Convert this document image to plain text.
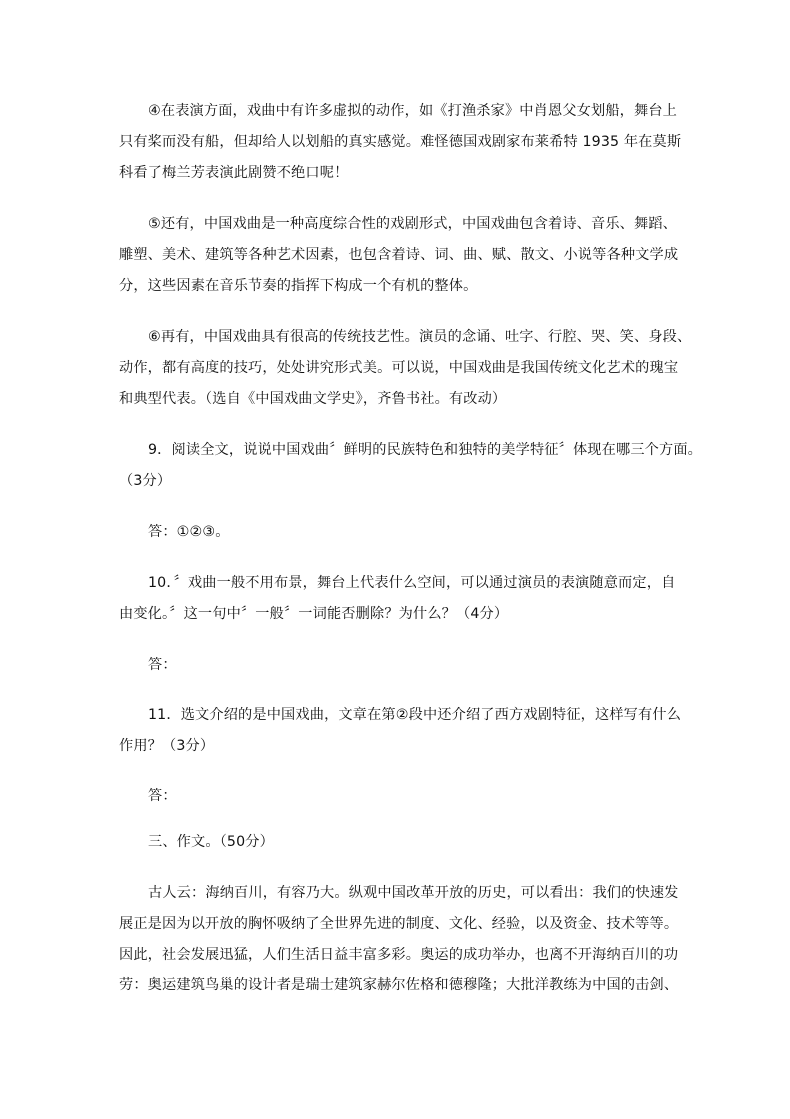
④在表演方面，戏曲中有许多虚拟的动作，如《打渔杀家》中肖恩父女划船，舞台上
只有桨而没有船，但却给人以划船的真实感觉。难怪德国戏剧家布莱希特 1935 年在莫斯
科看了梅兰芳表演此剧赞不绝口呢！
⑤还有，中国戏曲是一种高度综合性的戏剧形式，中国戏曲包含着诗、音乐、舞蹈、
雕塑、美术、建筑等各种艺术因素，也包含着诗、词、曲、赋、散文、小说等各种文学成
分，这些因素在音乐节奏的指挥下构成一个有机的整体。
⑥再有，中国戏曲具有很高的传统技艺性。演员的念诵、吐字、行腔、哭、笑、身段、
动作，都有高度的技巧，处处讲究形式美。可以说，中国戏曲是我国传统文化艺术的瑰宝
和典型代表。（选自《中国戏曲文学史》，齐鲁书社。有改动）
9．阅读全文，说说中国戏曲〞鲜明的民族特色和独特的美学特征〞体现在哪三个方面。
（3分）
答：①②③。
10．〞戏曲一般不用布景，舞台上代表什么空间，可以通过演员的表演随意而定，自
由变化。〞这一句中〞一般〞一词能否删除？为什么？（4分）
答：
11．选文介绍的是中国戏曲，文章在第②段中还介绍了西方戏剧特征，这样写有什么
作用？（3分）
答：
三、作文。（50分）
古人云：海纳百川，有容乃大。纵观中国改革开放的历史，可以看出：我们的快速发
展正是因为以开放的胸怀吸纳了全世界先进的制度、文化、经验，以及资金、技术等等。
因此，社会发展迅猛，人们生活日益丰富多彩。奥运的成功举办，也离不开海纳百川的功
劳：奥运建筑鸟巢的设计者是瑞士建筑家赫尔佐格和德穆隆；大批洋教练为中国的击剑、
